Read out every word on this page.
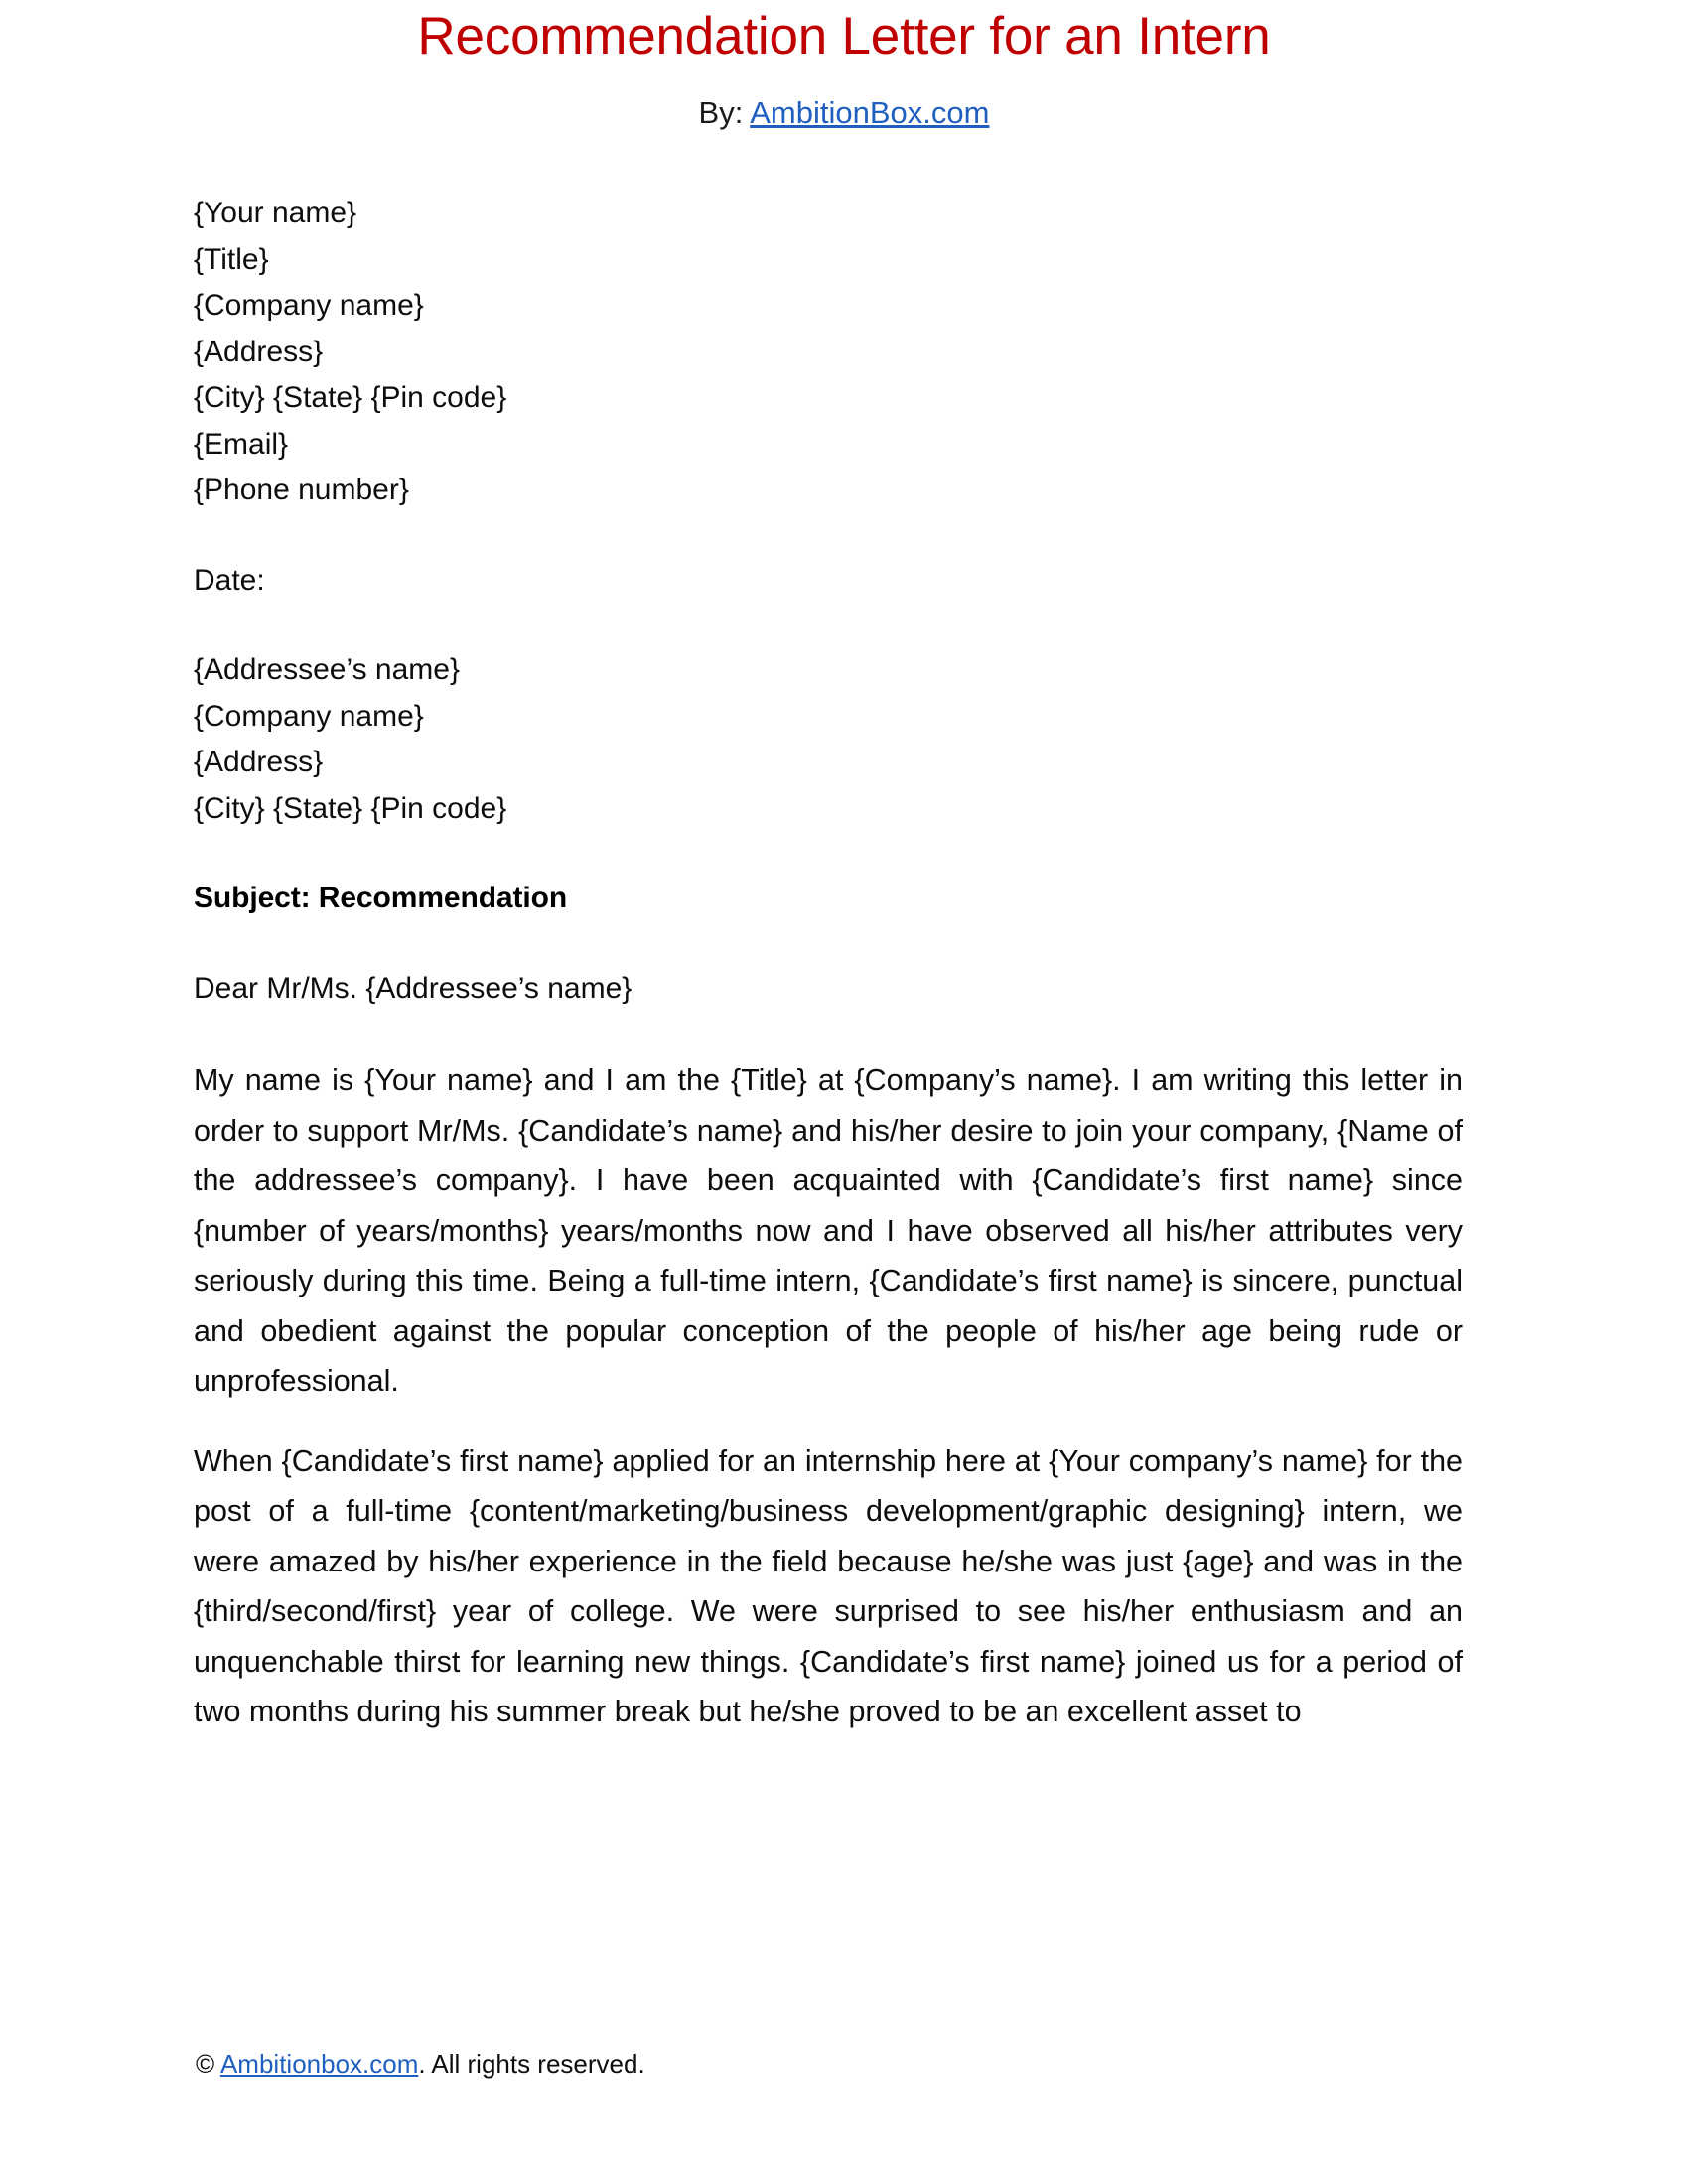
Recommendation Letter for an Intern
By: AmbitionBox.com
{Your name}
{Title}
{Company name}
{Address}
{City} {State} {Pin code}
{Email}
{Phone number}
Date:
{Addressee’s name}
{Company name}
{Address}
{City} {State} {Pin code}
Subject: Recommendation
Dear Mr/Ms. {Addressee’s name}

My name is {Your name} and I am the {Title} at {Company’s name}. I am writing this letter in order to support Mr/Ms. {Candidate’s name} and his/her desire to join your company, {Name of the addressee’s company}. I have been acquainted with {Candidate’s first name} since {number of years/months} years/months now and I have observed all his/her attributes very seriously during this time. Being a full-time intern, {Candidate’s first name} is sincere, punctual and obedient against the popular conception of the people of his/her age being rude or unprofessional.

When {Candidate’s first name} applied for an internship here at {Your company’s name} for the post of a full-time {content/marketing/business development/graphic designing} intern, we were amazed by his/her experience in the field because he/she was just {age} and was in the {third/second/first} year of college. We were surprised to see his/her enthusiasm and an unquenchable thirst for learning new things. {Candidate’s first name} joined us for a period of two months during his summer break but he/she proved to be an excellent asset to

© Ambitionbox.com. All rights reserved.
